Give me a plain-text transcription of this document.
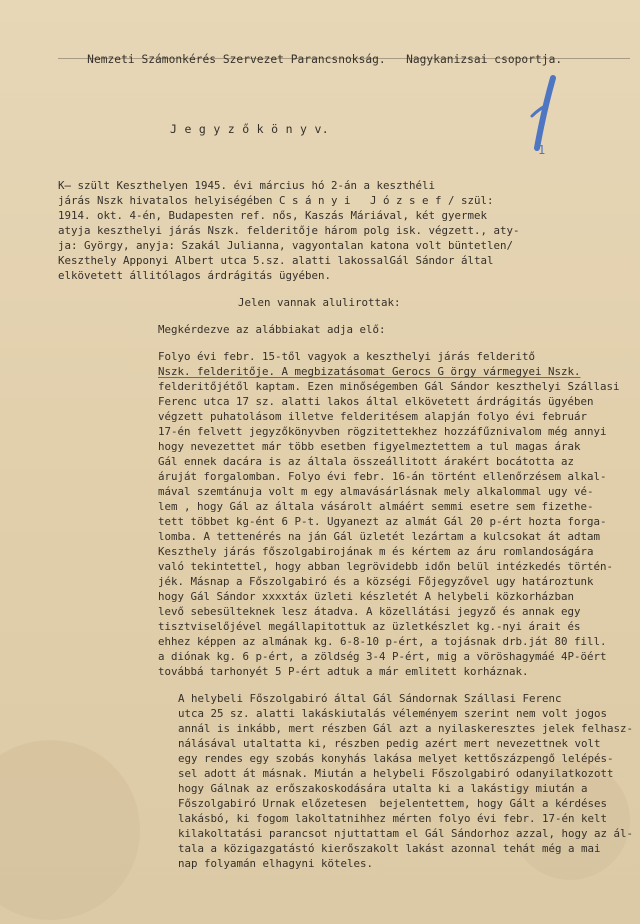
Nemzeti Számonkérés Szervezet Parancsnokság. Nagykanizsai csoportja.

1
J e g y z ő k ö n y v.
K̶ szült Keszthelyen 1945. évi március hó 2-án a keszthéli
járás Nszk hivatalos helyiségében C s á n y i   J ó z s e f / szül:
1914. okt. 4-én, Budapesten ref. nős, Kaszás Máriával, két gyermek
atyja keszthelyi járás Nszk. felderitője három polg isk. végzett., aty-
ja: György, anyja: Szakál Julianna, vagyontalan katona volt büntetlen/
Keszthely Apponyi Albert utca 5.sz. alatti lakossalGál Sándor által
elkövetett állitólagos árdrágitás ügyében.
Jelen vannak alulirottak:
Megkérdezve az alábbiakat adja elő:
Folyo évi febr. 15-től vagyok a keszthelyi járás felderitő
Nszk. felderitője. A megbizatásomat Gerocs G örgy vármegyei Nszk.
felderitőjétől kaptam. Ezen minőségemben Gál Sándor keszthelyi Szállasi
Ferenc utca 17 sz. alatti lakos által elkövetett árdrágitás ügyében
végzett puhatolásom illetve felderitésem alapján folyo évi február
17-én felvett jegyzőkönyvben rögzitettekhez hozzáfűznivalom még annyi
hogy nevezettet már több esetben figyelmeztettem a tul magas árak
Gál ennek dacára is az általa összeállitott árakért bocátotta az
áruját forgalomban. Folyo évi febr. 16-án történt ellenőrzésem alkal-
mával szemtánuja volt m egy almavásárlásnak mely alkalommal ugy vé-
lem , hogy Gál az általa vásárolt almáért semmi esetre sem fizethe-
tett többet kg-ént 6 P-t. Ugyanezt az almát Gál 20 p-ért hozta forga-
lomba. A tettenérés na ján Gál üzletét lezártam a kulcsokat át adtam
Keszthely járás főszolgabirojának m és kértem az áru romlandoságára
való tekintettel, hogy abban legrövidebb időn belül intézkedés történ-
jék. Másnap a Főszolgabiró és a községi Főjegyzővel ugy határoztunk
hogy Gál Sándor xxxxtáx üzleti készletét A helybeli közkorházban
levő sebesülteknek lesz átadva. A közellátási jegyző és annak egy
tisztviselőjével megállapitottuk az üzletkészlet kg.-nyi árait és
ehhez képpen az almának kg. 6-8-10 p-ért, a tojásnak drb.ját 80 fill.
a diónak kg. 6 p-ért, a zöldség 3-4 P-ért, mig a vöröshagymáé 4P-öért
továbbá tarhonyét 5 P-ért adtuk a már emlitett korháznak.
A helybeli Főszolgabiró által Gál Sándornak Szállasi Ferenc
utca 25 sz. alatti lakáskiutalás véleményem szerint nem volt jogos
annál is inkább, mert részben Gál azt a nyilaskeresztes jelek felhasz-
nálásával utaltatta ki, részben pedig azért mert nevezettnek volt
egy rendes egy szobás konyhás lakása melyet kettőszázpengő lelépés-
sel adott át másnak. Miután a helybeli Főszolgabiró odanyilatkozott
hogy Gálnak az erőszakoskodására utalta ki a lakástigy miután a
Főszolgabiró Urnak előzetesen  bejelentettem, hogy Gált a kérdéses
lakásbó, ki fogom lakoltatnihhez mérten folyo évi febr. 17-én kelt
kilakoltatási parancsot njuttattam el Gál Sándorhoz azzal, hogy az ál-
tala a közigazgatástó kierőszakolt lakást azonnal tehát még a mai
nap folyamán elhagyni köteles.
